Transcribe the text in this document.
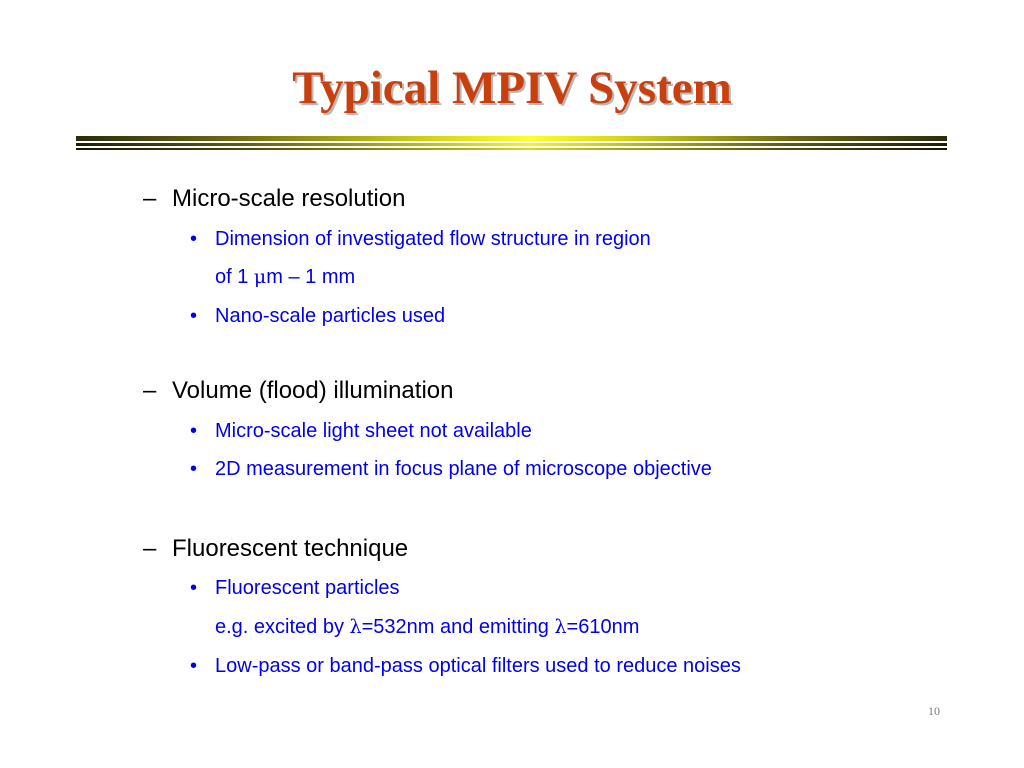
Typical MPIV System
– Micro-scale resolution
• Dimension of investigated flow structure in region
of 1 μm – 1 mm
• Nano-scale particles used
– Volume (flood) illumination
• Micro-scale light sheet not available
• 2D measurement in focus plane of microscope objective
– Fluorescent technique
• Fluorescent particles
e.g. excited by λ=532nm and emitting λ=610nm
• Low-pass or band-pass optical filters used to reduce noises
10
